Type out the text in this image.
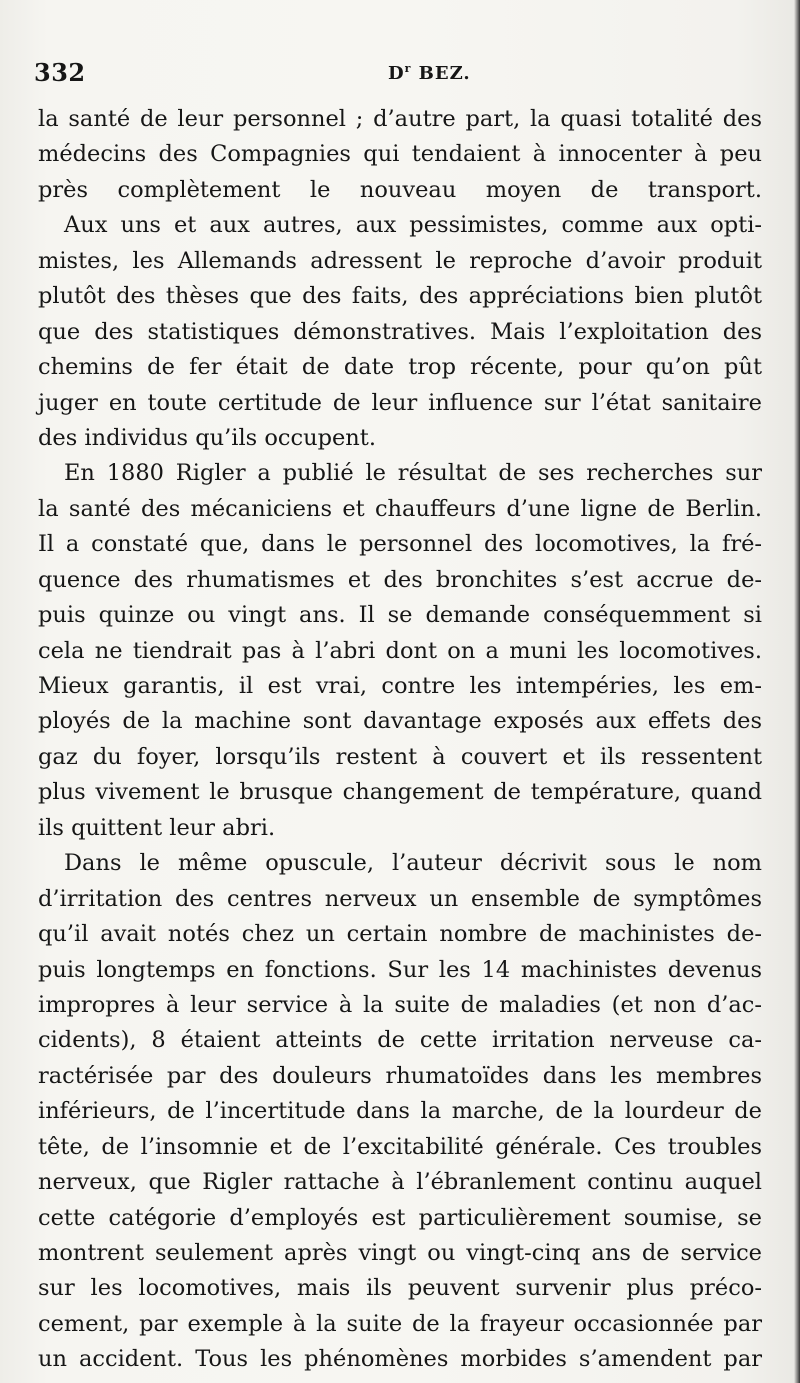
332	$D^r$ BEZ.
la santé de leur personnel ; d’autre part, la quasi totalité des
médecins des Compagnies qui tendaient à innocenter à peu
près complètement le nouveau moyen de transport.
Aux uns et aux autres, aux pessimistes, comme aux opti-
mistes, les Allemands adressent le reproche d’avoir produit
plutôt des thèses que des faits, des appréciations bien plutôt
que des statistiques démonstratives. Mais l’exploitation des
chemins de fer était de date trop récente, pour qu’on pût
juger en toute certitude de leur influence sur l’état sanitaire
des individus qu’ils occupent.
En 1880 Rigler a publié le résultat de ses recherches sur
la santé des mécaniciens et chauffeurs d’une ligne de Berlin.
Il a constaté que, dans le personnel des locomotives, la fré-
quence des rhumatismes et des bronchites s’est accrue de-
puis quinze ou vingt ans. Il se demande conséquemment si
cela ne tiendrait pas à l’abri dont on a muni les locomotives.
Mieux garantis, il est vrai, contre les intempéries, les em-
ployés de la machine sont davantage exposés aux effets des
gaz du foyer, lorsqu’ils restent à couvert et ils ressentent
plus vivement le brusque changement de température, quand
ils quittent leur abri.
Dans le même opuscule, l’auteur décrivit sous le nom
d’irritation des centres nerveux un ensemble de symptômes
qu’il avait notés chez un certain nombre de machinistes de-
puis longtemps en fonctions. Sur les 14 machinistes devenus
impropres à leur service à la suite de maladies (et non d’ac-
cidents), 8 étaient atteints de cette irritation nerveuse ca-
ractérisée par des douleurs rhumatoïdes dans les membres
inférieurs, de l’incertitude dans la marche, de la lourdeur de
tête, de l’insomnie et de l’excitabilité générale. Ces troubles
nerveux, que Rigler rattache à l’ébranlement continu auquel
cette catégorie d’employés est particulièrement soumise, se
montrent seulement après vingt ou vingt-cinq ans de service
sur les locomotives, mais ils peuvent survenir plus préco-
cement, par exemple à la suite de la frayeur occasionnée par
un accident. Tous les phénomènes morbides s’amendent par
